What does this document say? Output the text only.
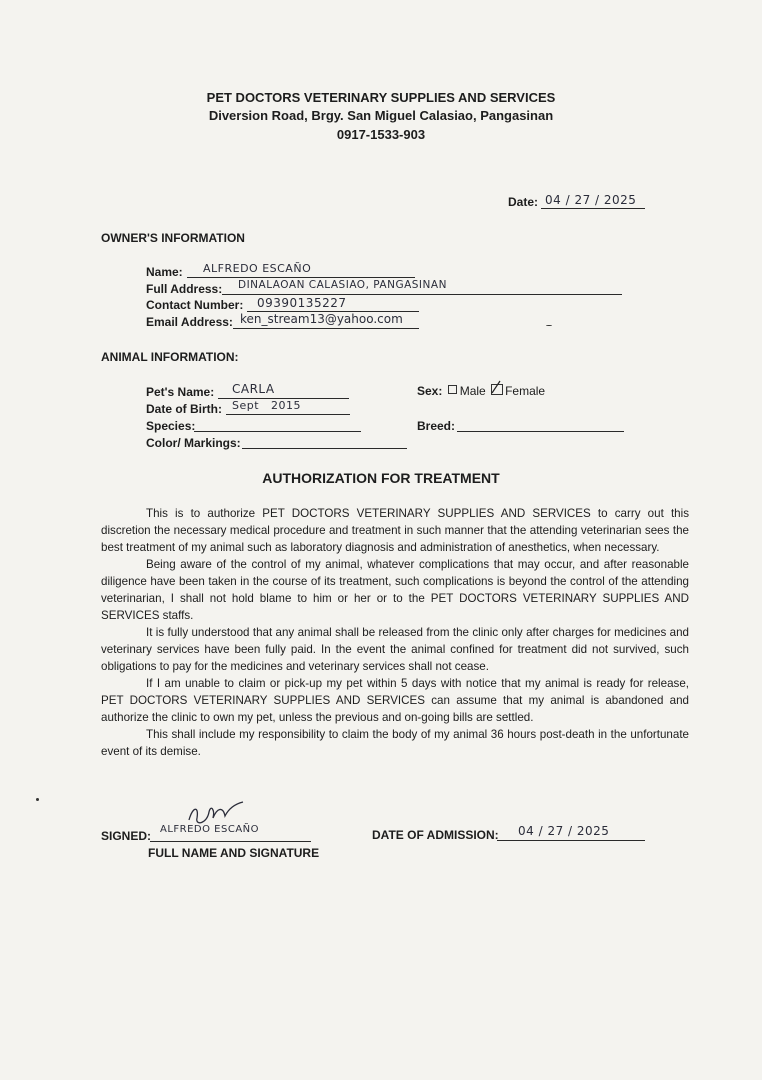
PET DOCTORS VETERINARY SUPPLIES AND SERVICES
Diversion Road, Brgy. San Miguel Calasiao, Pangasinan
0917-1533-903
Date: 04 / 27 / 2025
OWNER'S INFORMATION
Name: ALFREDO ESCAÑO
Full Address: DINALAOAN CALASIAO, PANGASINAN
Contact Number: 09390135227
Email Address: ken_stream13@yahoo.com
ANIMAL INFORMATION:
Pet's Name: CARLA
Date of Birth: Sept   2015
Species:
Color/ Markings:
Sex: Male Female
Breed:
AUTHORIZATION FOR TREATMENT

This is to authorize PET DOCTORS VETERINARY SUPPLIES AND SERVICES to carry out this discretion the necessary medical procedure and treatment in such manner that the attending veterinarian sees the best treatment of my animal such as laboratory diagnosis and administration of anesthetics, when necessary.

Being aware of the control of my animal, whatever complications that may occur, and after reasonable diligence have been taken in the course of its treatment, such complications is beyond the control of the attending veterinarian, I shall not hold blame to him or her or to the PET DOCTORS VETERINARY SUPPLIES AND SERVICES staffs.

It is fully understood that any animal shall be released from the clinic only after charges for medicines and veterinary services have been fully paid. In the event the animal confined for treatment did not survived, such obligations to pay for the medicines and veterinary services shall not cease.

If I am unable to claim or pick-up my pet within 5 days with notice that my animal is ready for release, PET DOCTORS VETERINARY SUPPLIES AND SERVICES can assume that my animal is abandoned and authorize the clinic to own my pet, unless the previous and on-going bills are settled.

This shall include my responsibility to claim the body of my animal 36 hours post-death in the unfortunate event of its demise.

SIGNED: ALFREDO ESCAÑO
FULL NAME AND SIGNATURE
DATE OF ADMISSION: 04 / 27 / 2025
